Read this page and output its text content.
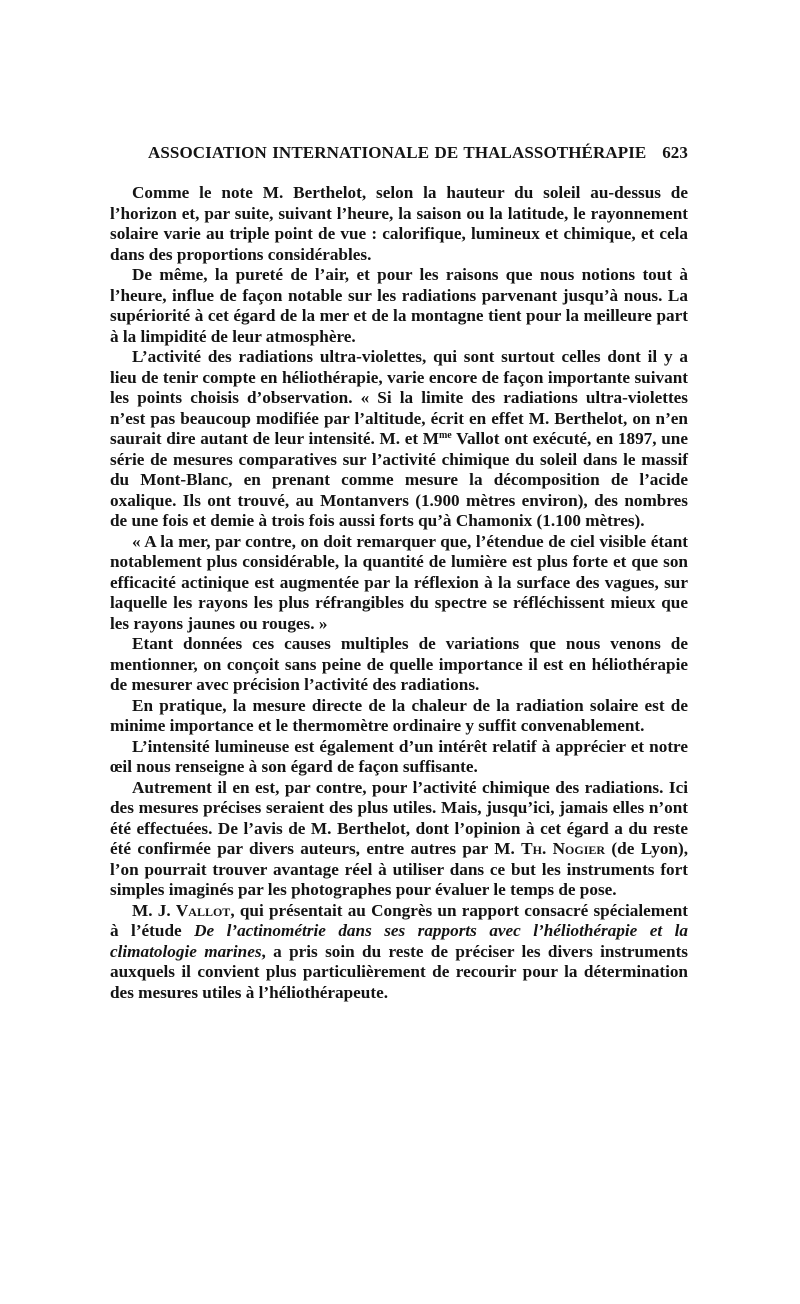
ASSOCIATION INTERNATIONALE DE THALASSOTHÉRAPIE 623

Comme le note M. Berthelot, selon la hauteur du soleil au-dessus de l’horizon et, par suite, suivant l’heure, la saison ou la latitude, le rayonnement solaire varie au triple point de vue : calorifique, lumineux et chimique, et cela dans des proportions considérables.

De même, la pureté de l’air, et pour les raisons que nous notions tout à l’heure, influe de façon notable sur les radiations parvenant jusqu’à nous. La supériorité à cet égard de la mer et de la montagne tient pour la meilleure part à la limpidité de leur atmosphère.

L’activité des radiations ultra-violettes, qui sont surtout celles dont il y a lieu de tenir compte en héliothérapie, varie encore de façon importante suivant les points choisis d’observation. « Si la limite des radiations ultra-violettes n’est pas beaucoup modifiée par l’altitude, écrit en effet M. Berthelot, on n’en saurait dire autant de leur intensité. M. et $M^{me}$ Vallot ont exécuté, en 1897, une série de mesures comparatives sur l’activité chimique du soleil dans le massif du Mont-Blanc, en prenant comme mesure la décomposition de l’acide oxalique. Ils ont trouvé, au Montanvers (1.900 mètres environ), des nombres de une fois et demie à trois fois aussi forts qu’à Chamonix (1.100 mètres).

« A la mer, par contre, on doit remarquer que, l’étendue de ciel visible étant notablement plus considérable, la quantité de lumière est plus forte et que son efficacité actinique est augmentée par la réflexion à la surface des vagues, sur laquelle les rayons les plus réfrangibles du spectre se réfléchissent mieux que les rayons jaunes ou rouges. »

Etant données ces causes multiples de variations que nous venons de mentionner, on conçoit sans peine de quelle importance il est en héliothérapie de mesurer avec précision l’activité des radiations.

En pratique, la mesure directe de la chaleur de la radiation solaire est de minime importance et le thermomètre ordinaire y suffit convenablement.

L’intensité lumineuse est également d’un intérêt relatif à apprécier et notre œil nous renseigne à son égard de façon suffisante.

Autrement il en est, par contre, pour l’activité chimique des radiations. Ici des mesures précises seraient des plus utiles. Mais, jusqu’ici, jamais elles n’ont été effectuées. De l’avis de M. Berthelot, dont l’opinion à cet égard a du reste été confirmée par divers auteurs, entre autres par M. Th. Nogier (de Lyon), l’on pourrait trouver avantage réel à utiliser dans ce but les instruments fort simples imaginés par les photographes pour évaluer le temps de pose.

M. J. Vallot, qui présentait au Congrès un rapport consacré spécialement à l’étude De l’actinométrie dans ses rapports avec l’héliothérapie et la climatologie marines, a pris soin du reste de préciser les divers instruments auxquels il convient plus particulièrement de recourir pour la détermination des mesures utiles à l’héliothérapeute.
